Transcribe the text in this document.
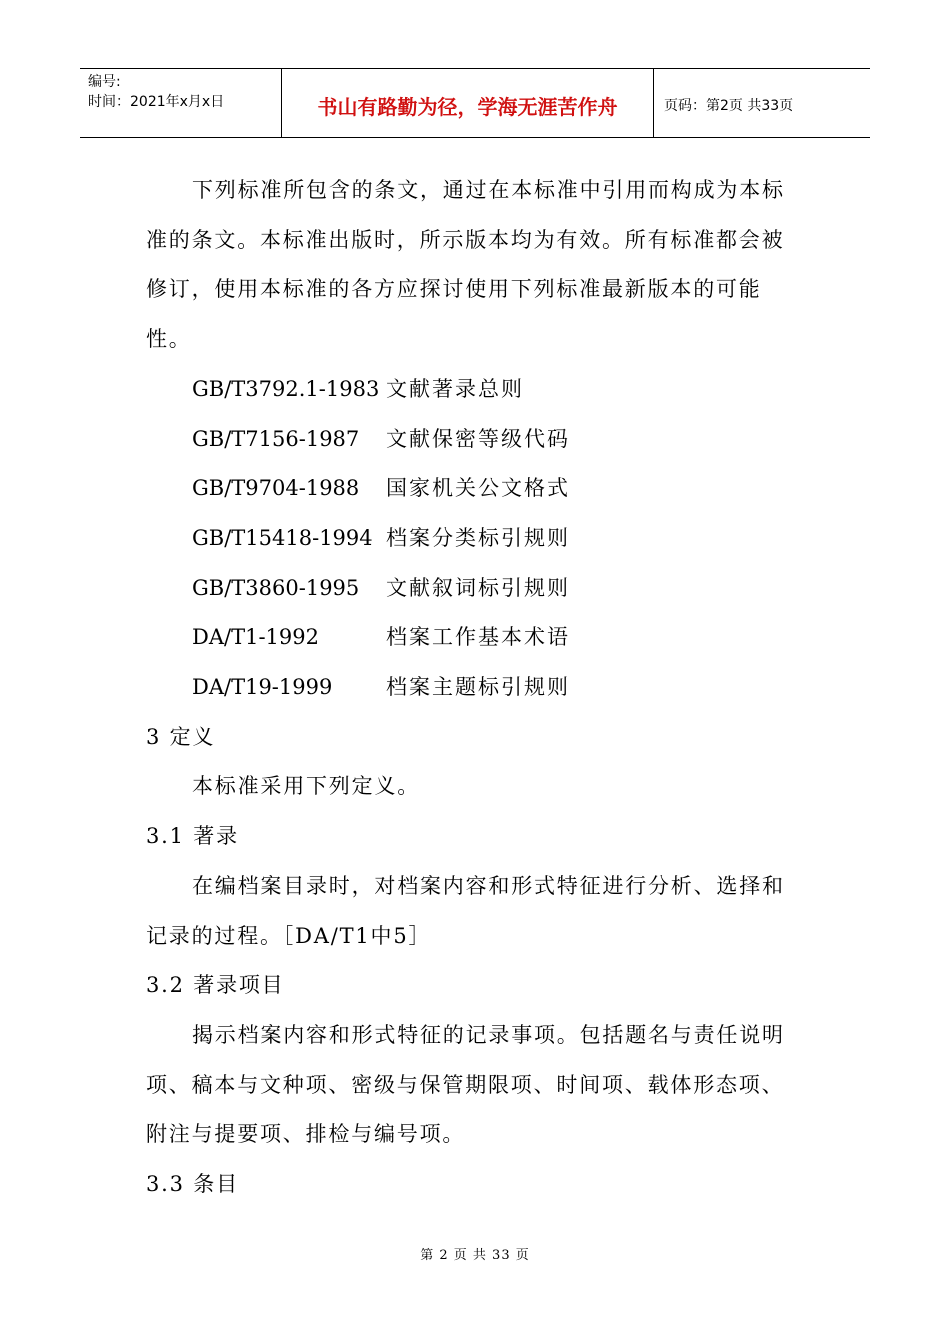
编号:
时间：2021年x月x日	书山有路勤为径，学海无涯苦作舟	页码：第2页 共33页

下列标准所包含的条文，通过在本标准中引用而构成为本标准的条文。本标准出版时，所示版本均为有效。所有标准都会被修订，使用本标准的各方应探讨使用下列标准最新版本的可能性。

GB/T3792.1-1983 文献著录总则
GB/T7156-1987	文献保密等级代码
GB/T9704-1988	国家机关公文格式
GB/T15418-1994 档案分类标引规则
GB/T3860-1995	文献叙词标引规则
DA/T1-1992	档案工作基本术语
DA/T19-1999	档案主题标引规则

3 定义

本标准采用下列定义。

3.1 著录

在编档案目录时，对档案内容和形式特征进行分析、选择和记录的过程。［DA/T1中5］

3.2 著录项目

揭示档案内容和形式特征的记录事项。包括题名与责任说明项、稿本与文种项、密级与保管期限项、时间项、载体形态项、附注与提要项、排检与编号项。

3.3 条目

第 2 页 共 33 页
